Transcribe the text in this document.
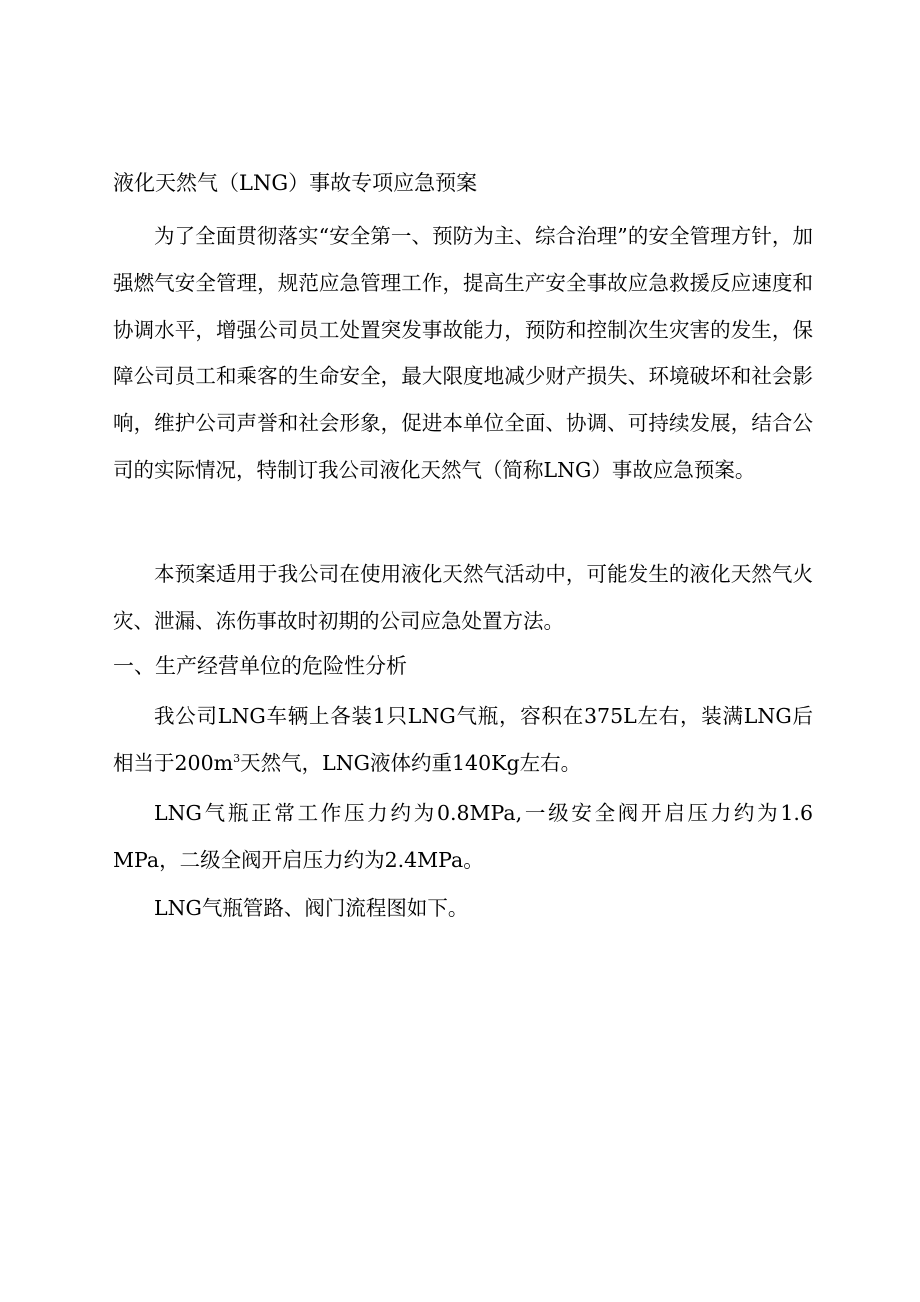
液化天然气（LNG）事故专项应急预案

为了全面贯彻落实“安全第一、预防为主、综合治理”的安全管理方针，加强燃气安全管理，规范应急管理工作，提高生产安全事故应急救援反应速度和协调水平，增强公司员工处置突发事故能力，预防和控制次生灾害的发生，保障公司员工和乘客的生命安全，最大限度地减少财产损失、环境破坏和社会影响，维护公司声誉和社会形象，促进本单位全面、协调、可持续发展，结合公司的实际情况，特制订我公司液化天然气（简称LNG）事故应急预案。

本预案适用于我公司在使用液化天然气活动中，可能发生的液化天然气火灾、泄漏、冻伤事故时初期的公司应急处置方法。

一、生产经营单位的危险性分析

我公司LNG车辆上各装1只LNG气瓶，容积在375L左右，装满LNG后相当于$200m^3$天然气，LNG液体约重140Kg左右。

LNG气瓶正常工作压力约为0.8MPa,一级安全阀开启压力约为1.6 MPa，二级全阀开启压力约为2.4MPa。

LNG气瓶管路、阀门流程图如下。
